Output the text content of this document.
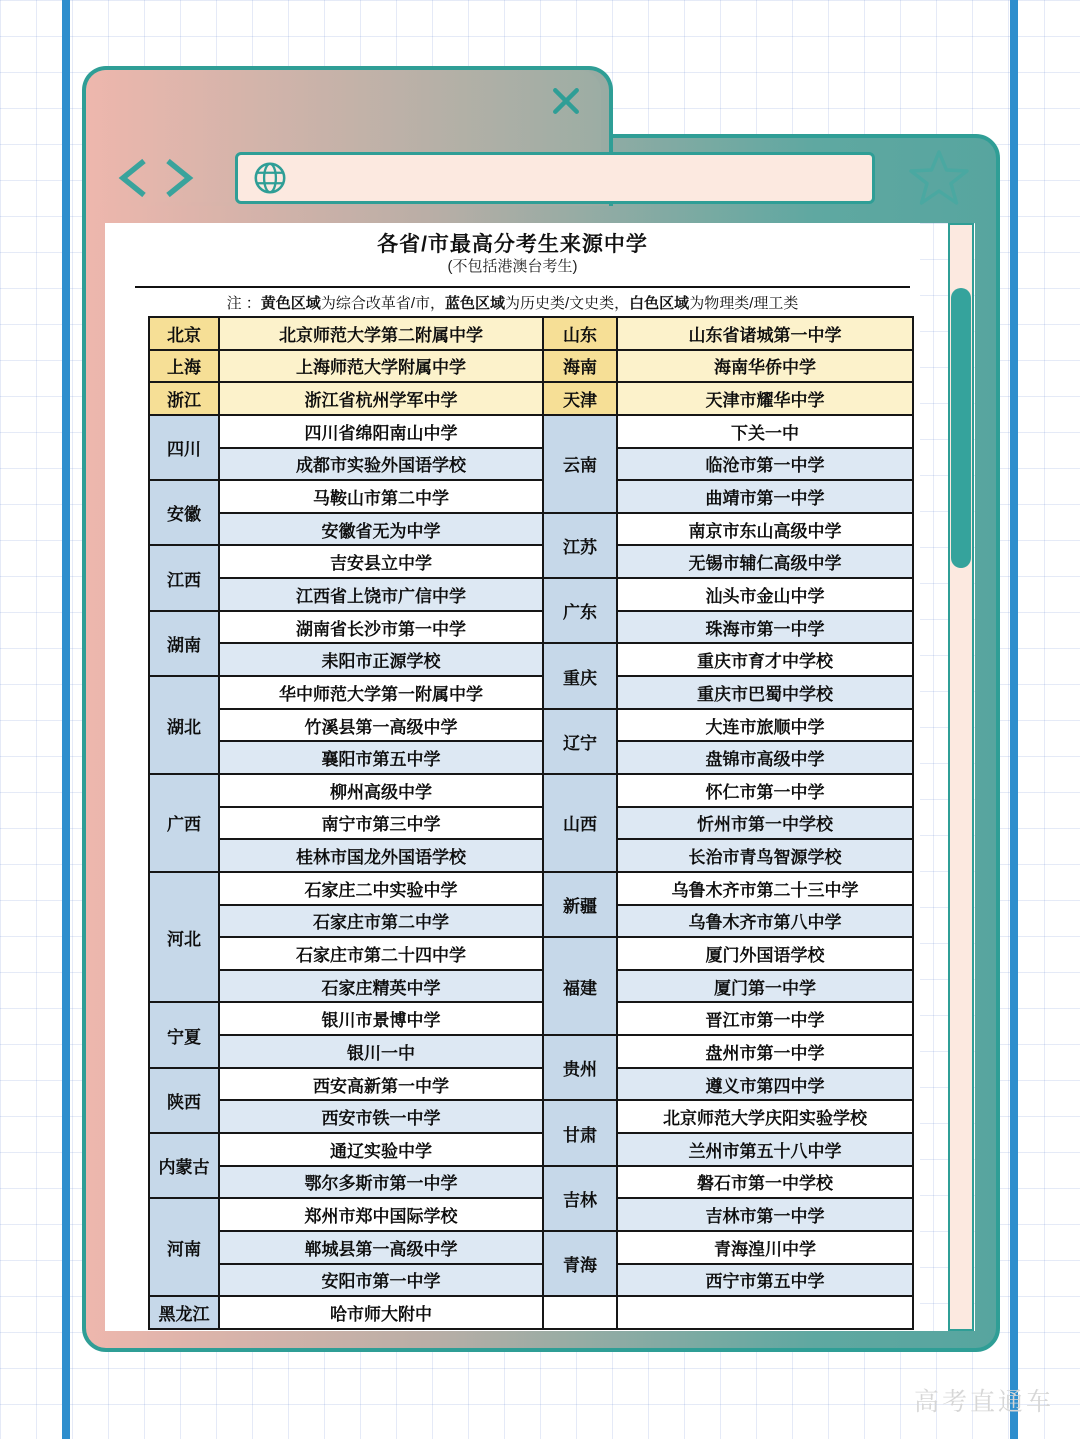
各省/市最高分考生来源中学
(不包括港澳台考生)
注 ：黄色区域为综合改革省/市，蓝色区域为历史类/文史类，白色区域为物理类/理工类
北京	北京师范大学第二附属中学	山东	山东省诸城第一中学
上海	上海师范大学附属中学	海南	海南华侨中学
浙江	浙江省杭州学军中学	天津	天津市耀华中学
四川	四川省绵阳南山中学	云南	下关一中
	成都市实验外国语学校		临沧市第一中学
安徽	马鞍山市第二中学		曲靖市第一中学
	安徽省无为中学	江苏	南京市东山高级中学
江西	吉安县立中学		无锡市辅仁高级中学
	江西省上饶市广信中学	广东	汕头市金山中学
湖南	湖南省长沙市第一中学		珠海市第一中学
	耒阳市正源学校	重庆	重庆市育才中学校
湖北	华中师范大学第一附属中学		重庆市巴蜀中学校
	竹溪县第一高级中学	辽宁	大连市旅顺中学
	襄阳市第五中学		盘锦市高级中学
广西	柳州高级中学	山西	怀仁市第一中学
	南宁市第三中学		忻州市第一中学校
	桂林市国龙外国语学校		长治市青鸟智源学校
河北	石家庄二中实验中学	新疆	乌鲁木齐市第二十三中学
	石家庄市第二中学		乌鲁木齐市第八中学
	石家庄市第二十四中学	福建	厦门外国语学校
	石家庄精英中学		厦门第一中学
宁夏	银川市景博中学		晋江市第一中学
	银川一中	贵州	盘州市第一中学
陕西	西安高新第一中学		遵义市第四中学
	西安市铁一中学	甘肃	北京师范大学庆阳实验学校
内蒙古	通辽实验中学		兰州市第五十八中学
	鄂尔多斯市第一中学	吉林	磐石市第一中学校
河南	郑州市郑中国际学校		吉林市第一中学
	郸城县第一高级中学	青海	青海湟川中学
	安阳市第一中学		西宁市第五中学
黑龙江	哈市师大附中		
高考直通车
